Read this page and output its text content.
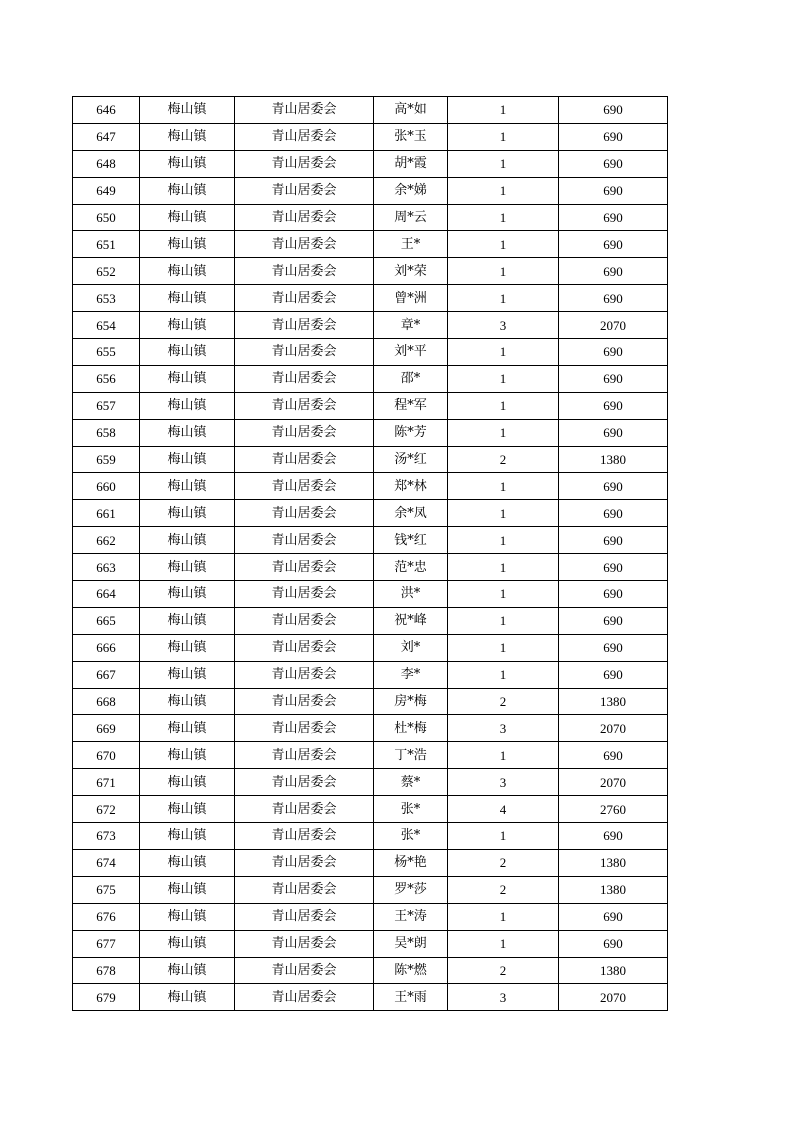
646	梅山镇	青山居委会	高*如	1	690
647	梅山镇	青山居委会	张*玉	1	690
648	梅山镇	青山居委会	胡*霞	1	690
649	梅山镇	青山居委会	余*娣	1	690
650	梅山镇	青山居委会	周*云	1	690
651	梅山镇	青山居委会	王*	1	690
652	梅山镇	青山居委会	刘*荣	1	690
653	梅山镇	青山居委会	曾*洲	1	690
654	梅山镇	青山居委会	章*	3	2070
655	梅山镇	青山居委会	刘*平	1	690
656	梅山镇	青山居委会	邵*	1	690
657	梅山镇	青山居委会	程*军	1	690
658	梅山镇	青山居委会	陈*芳	1	690
659	梅山镇	青山居委会	汤*红	2	1380
660	梅山镇	青山居委会	郑*林	1	690
661	梅山镇	青山居委会	余*凤	1	690
662	梅山镇	青山居委会	钱*红	1	690
663	梅山镇	青山居委会	范*忠	1	690
664	梅山镇	青山居委会	洪*	1	690
665	梅山镇	青山居委会	祝*峰	1	690
666	梅山镇	青山居委会	刘*	1	690
667	梅山镇	青山居委会	李*	1	690
668	梅山镇	青山居委会	房*梅	2	1380
669	梅山镇	青山居委会	杜*梅	3	2070
670	梅山镇	青山居委会	丁*浩	1	690
671	梅山镇	青山居委会	蔡*	3	2070
672	梅山镇	青山居委会	张*	4	2760
673	梅山镇	青山居委会	张*	1	690
674	梅山镇	青山居委会	杨*艳	2	1380
675	梅山镇	青山居委会	罗*莎	2	1380
676	梅山镇	青山居委会	王*涛	1	690
677	梅山镇	青山居委会	吴*朗	1	690
678	梅山镇	青山居委会	陈*燃	2	1380
679	梅山镇	青山居委会	王*雨	3	2070
